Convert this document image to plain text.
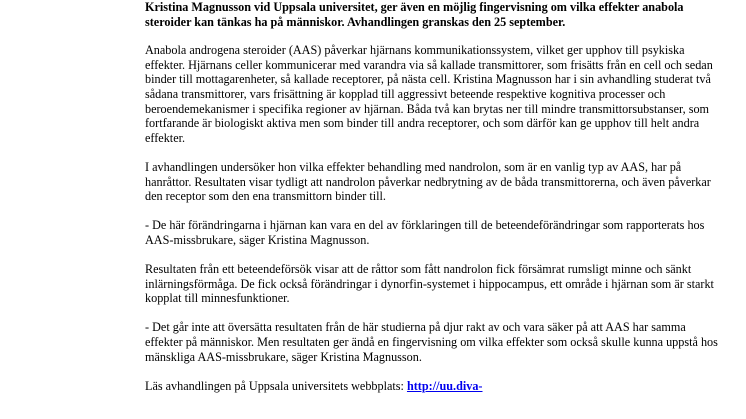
Kristina Magnusson vid Uppsala universitet, ger även en möjlig fingervisning om vilka effekter anabola steroider kan tänkas ha på människor. Avhandlingen granskas den 25 september.

Anabola androgena steroider (AAS) påverkar hjärnans kommunikationssystem, vilket ger upphov till psykiska effekter. Hjärnans celler kommunicerar med varandra via så kallade transmittorer, som frisätts från en cell och sedan binder till mottagarenheter, så kallade receptorer, på nästa cell. Kristina Magnusson har i sin avhandling studerat två sådana transmittorer, vars frisättning är kopplad till aggressivt beteende respektive kognitiva processer och beroendemekanismer i specifika regioner av hjärnan. Båda två kan brytas ner till mindre transmittorsubstanser, som fortfarande är biologiskt aktiva men som binder till andra receptorer, och som därför kan ge upphov till helt andra effekter.

I avhandlingen undersöker hon vilka effekter behandling med nandrolon, som är en vanlig typ av AAS, har på hanråttor. Resultaten visar tydligt att nandrolon påverkar nedbrytning av de båda transmittorerna, och även påverkar den receptor som den ena transmittorn binder till.

- De här förändringarna i hjärnan kan vara en del av förklaringen till de beteendeförändringar som rapporterats hos AAS-missbrukare, säger Kristina Magnusson.

Resultaten från ett beteendeförsök visar att de råttor som fått nandrolon fick försämrat rumsligt minne och sänkt inlärningsförmåga. De fick också förändringar i dynorfin-systemet i hippocampus, ett område i hjärnan som är starkt kopplat till minnesfunktioner.

- Det går inte att översätta resultaten från de här studierna på djur rakt av och vara säker på att AAS har samma effekter på människor. Men resultaten ger ändå en fingervisning om vilka effekter som också skulle kunna uppstå hos mänskliga AAS-missbrukare, säger Kristina Magnusson.

Läs avhandlingen på Uppsala universitets webbplats: http://uu.diva-
